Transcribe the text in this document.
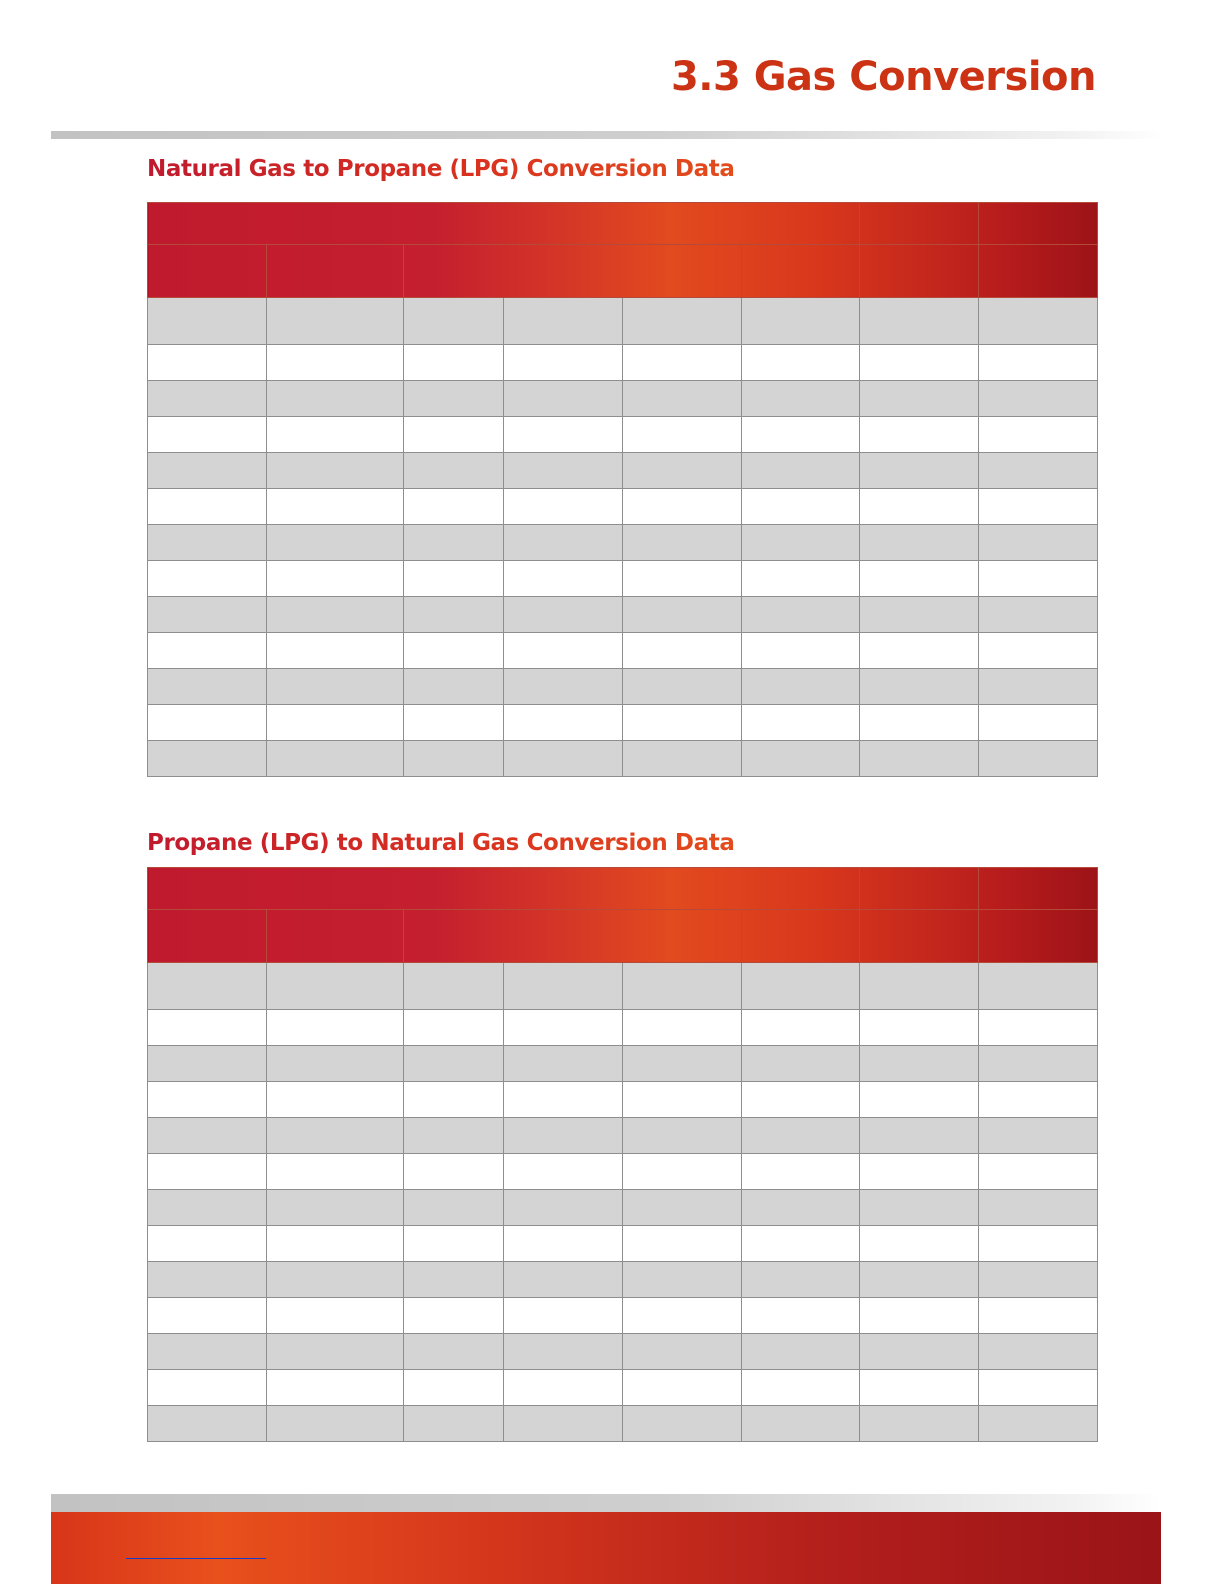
3.3 Gas Conversion
Natural Gas to Propane (LPG) Conversion Data

Propane (LPG) to Natural Gas Conversion Data
